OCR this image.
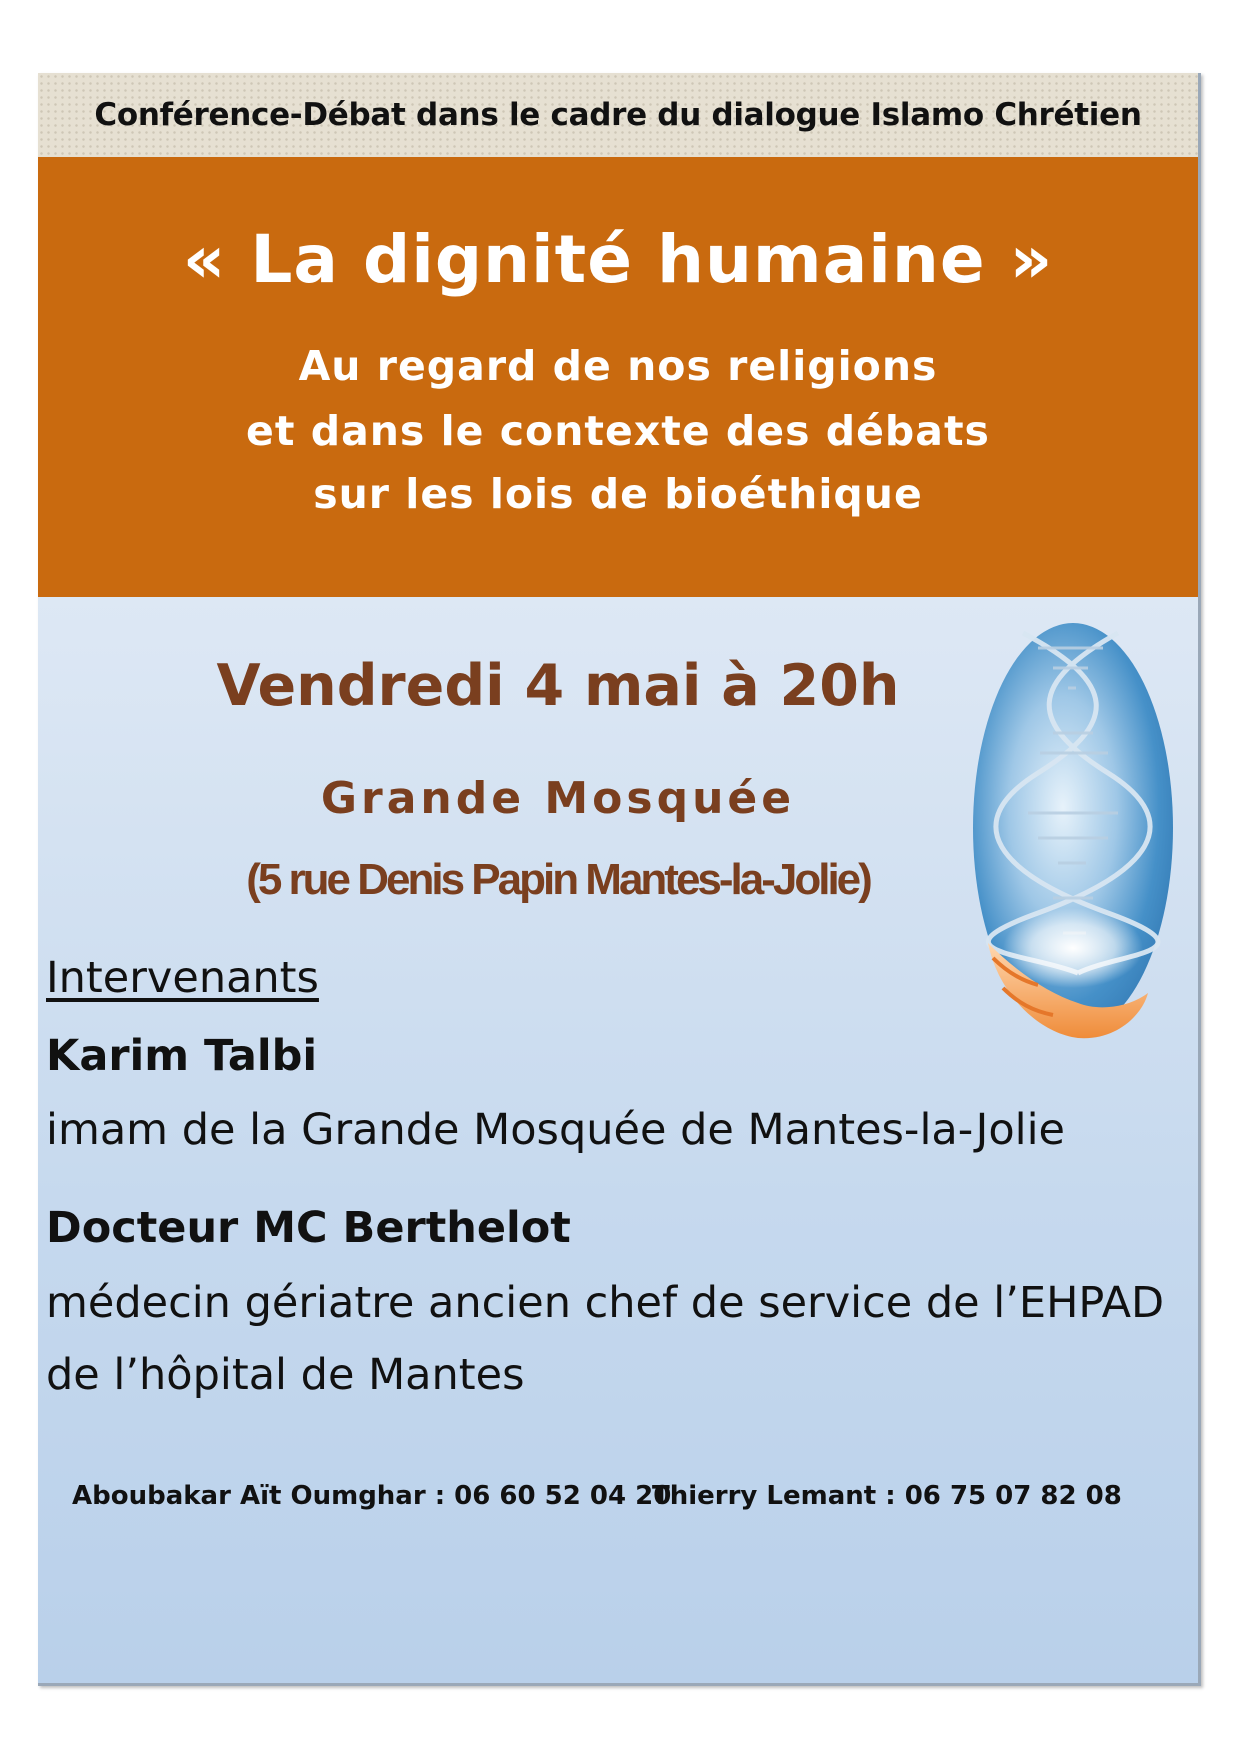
Conférence-Débat dans le cadre du dialogue Islamo Chrétien
« La dignité humaine »
Au regard de nos religions
et dans le contexte des débats
sur les lois de bioéthique
Vendredi 4 mai à 20h
Grande Mosquée
(5 rue Denis Papin Mantes-la-Jolie)
Intervenants
Karim Talbi
imam de la Grande Mosquée de Mantes-la-Jolie
Docteur MC Berthelot
médecin gériatre ancien chef de service de l’EHPAD
de l’hôpital de Mantes
Aboubakar Aït Oumghar : 06 60 52 04 20
Thierry Lemant : 06 75 07 82 08
